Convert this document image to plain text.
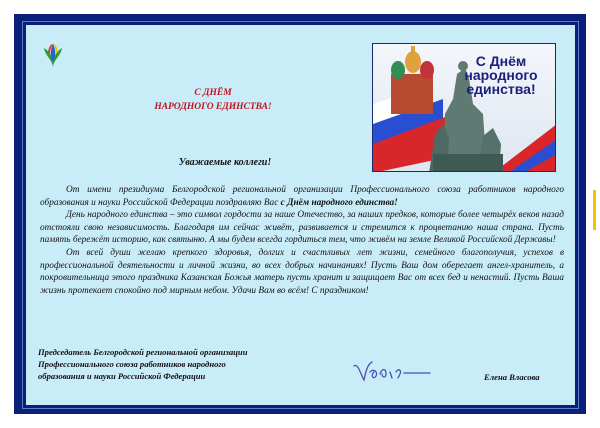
С ДНЁМ
НАРОДНОГО ЕДИНСТВА!
С Днём
народного
единства!
Уважаемые коллеги!

От имени президиума Белгородской региональной организации Профессионального союза работников народного образования и науки Российской Федерации поздравляю Вас с Днём народного единства!

День народного единства – это символ гордости за наше Отечество, за наших предков, которые более четырёх веков назад отстояли свою независимость. Благодаря им сейчас живёт, развивается и стремится к процветанию наша страна. Пусть память бережёт историю, как святыню. А мы будем всегда гордиться тем, что живём на земле Великой Российской Державы!

От всей души желаю крепкого здоровья, долгих и счастливых лет жизни, семейного благополучия, успехов в профессиональной деятельности и личной жизни, во всех добрых начинаниях! Пусть Ваш дом оберегает ангел-хранитель, а покровительница этого праздника Казанская Божья матерь пусть хранит и защищает Вас от всех бед и ненастий. Пусть Ваша жизнь протекает спокойно под мирным небом. Удачи Вам во всём! С праздником!

Председатель Белгородской региональной организации
Профессионального союза работников народного
образования и науки Российской Федерации	Елена Власова
